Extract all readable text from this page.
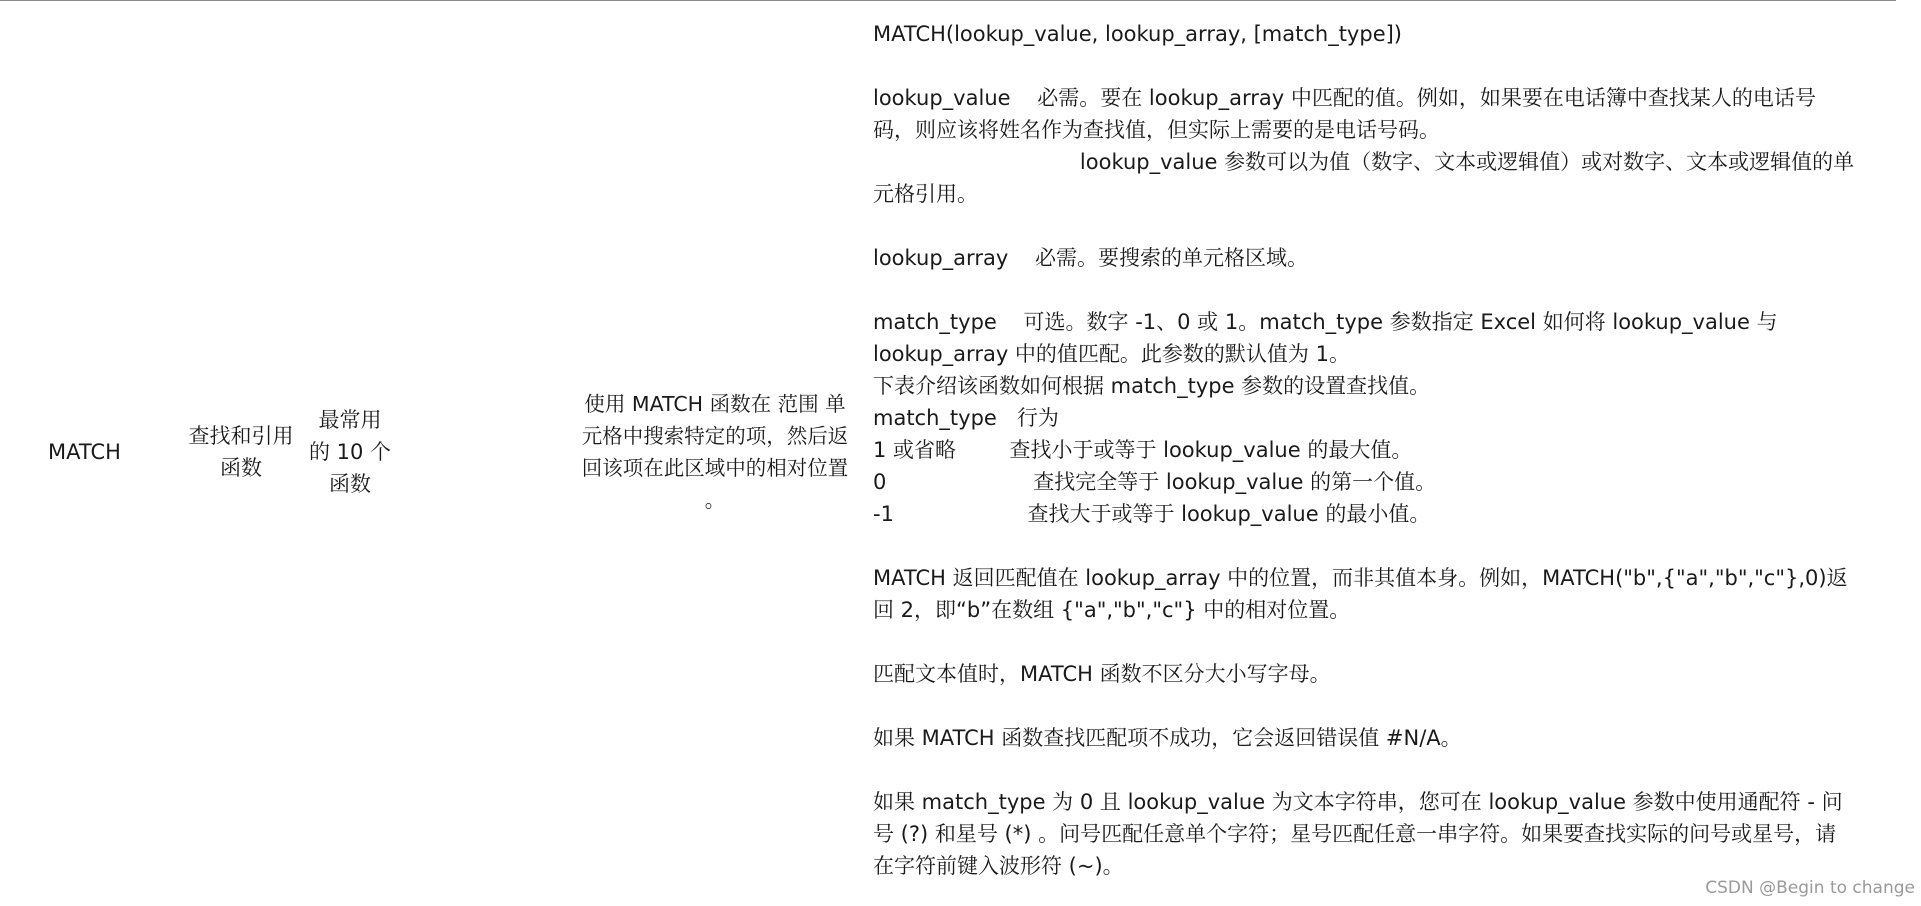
MATCH
查找和引用
函数
最常用
的 10 个
函数
使用 MATCH 函数在 范围 单
元格中搜索特定的项，然后返
回该项在此区域中的相对位置
。
MATCH(lookup_value, lookup_array, [match_type])
lookup_value    必需。要在 lookup_array 中匹配的值。例如，如果要在电话簿中查找某人的电话号
码，则应该将姓名作为查找值，但实际上需要的是电话号码。
lookup_value 参数可以为值（数字、文本或逻辑值）或对数字、文本或逻辑值的单
元格引用。
lookup_array    必需。要搜索的单元格区域。
match_type    可选。数字 -1、0 或 1。match_type 参数指定 Excel 如何将 lookup_value 与
lookup_array 中的值匹配。此参数的默认值为 1。
下表介绍该函数如何根据 match_type 参数的设置查找值。
match_type   行为
1 或省略        查找小于或等于 lookup_value 的最大值。
0                      查找完全等于 lookup_value 的第一个值。
-1                    查找大于或等于 lookup_value 的最小值。
MATCH 返回匹配值在 lookup_array 中的位置，而非其值本身。例如，MATCH("b",{"a","b","c"},0)返
回 2，即“b”在数组 {"a","b","c"} 中的相对位置。
匹配文本值时，MATCH 函数不区分大小写字母。
如果 MATCH 函数查找匹配项不成功，它会返回错误值 #N/A。
如果 match_type 为 0 且 lookup_value 为文本字符串，您可在 lookup_value 参数中使用通配符 - 问
号 (?) 和星号 (*) 。问号匹配任意单个字符；星号匹配任意一串字符。如果要查找实际的问号或星号，请
在字符前键入波形符 (~)。
CSDN @Begin to change
